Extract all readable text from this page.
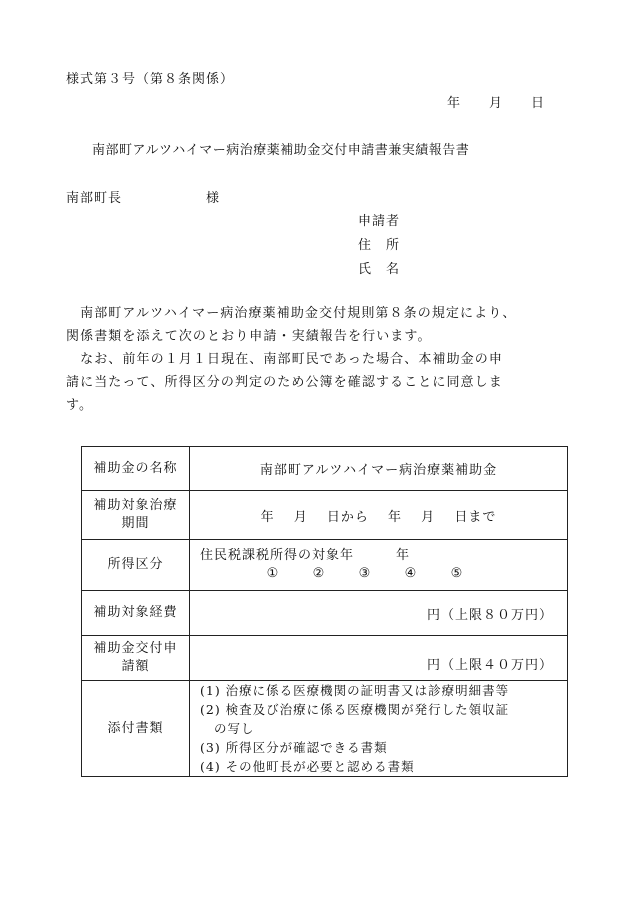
様式第３号（第８条関係）
年　　月　　日
南部町アルツハイマー病治療薬補助金交付申請書兼実績報告書
南部町長　　　　　　様
申請者
住　所
氏　名
　南部町アルツハイマー病治療薬補助金交付規則第８条の規定により、
関係書類を添えて次のとおり申請・実績報告を行います。
　なお、前年の１月１日現在、南部町民であった場合、本補助金の申
請に当たって、所得区分の判定のため公簿を確認することに同意しま
す。
補助金の名称	南部町アルツハイマー病治療薬補助金

補助対象治療
期間	年　 月 　日から　 年　 月　 日まで
所得区分	住民税課税所得の対象年　　　年
① ② ③ ④ ⑤

補助対象経費	円（上限８０万円）

補助金交付申
請額	円（上限４０万円）
添付書類	(1) 治療に係る医療機関の証明書又は診療明細書等
(2) 検査及び治療に係る医療機関が発行した領収証
の写し
(3) 所得区分が確認できる書類
(4) その他町長が必要と認める書類
